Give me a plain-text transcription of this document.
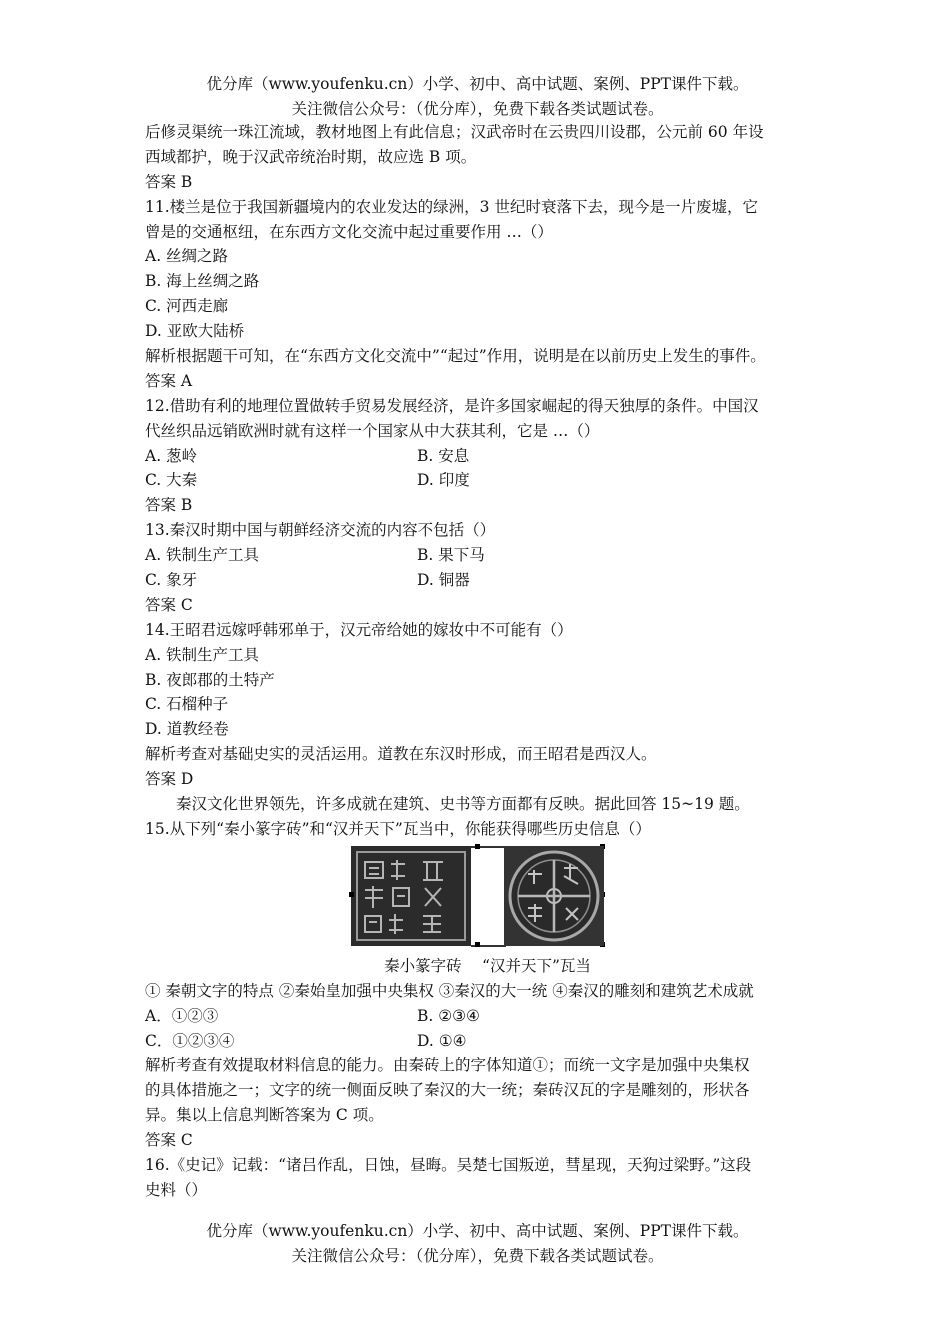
优分库（www.youfenku.cn）小学、初中、高中试题、案例、PPT课件下载。
关注微信公众号：（优分库），免费下载各类试题试卷。
后修灵渠统一珠江流域，教材地图上有此信息；汉武帝时在云贵四川设郡，公元前 60 年设
西域都护，晚于汉武帝统治时期，故应选 B 项。
答案 B
11.楼兰是位于我国新疆境内的农业发达的绿洲，3 世纪时衰落下去，现今是一片废墟，它
曾是的交通枢纽，在东西方文化交流中起过重要作用 …（）
A. 丝绸之路
B. 海上丝绸之路
C. 河西走廊
D. 亚欧大陆桥
解析根据题干可知，在“东西方文化交流中”“起过”作用，说明是在以前历史上发生的事件。
答案 A
12.借助有利的地理位置做转手贸易发展经济，是许多国家崛起的得天独厚的条件。中国汉
代丝织品远销欧洲时就有这样一个国家从中大获其利，它是 …（）
A. 葱岭	B. 安息
C. 大秦	D. 印度
答案 B
13.秦汉时期中国与朝鲜经济交流的内容不包括（）
A. 铁制生产工具	B. 果下马
C. 象牙	D. 铜器
答案 C
14.王昭君远嫁呼韩邪单于，汉元帝给她的嫁妆中不可能有（）
A. 铁制生产工具
B. 夜郎郡的土特产
C. 石榴种子
D. 道教经卷
解析考查对基础史实的灵活运用。道教在东汉时形成，而王昭君是西汉人。
答案 D
秦汉文化世界领先，许多成就在建筑、史书等方面都有反映。据此回答 15~19 题。
15.从下列“秦小篆字砖”和“汉并天下”瓦当中，你能获得哪些历史信息（）
秦小篆字砖　 “汉并天下”瓦当
① 秦朝文字的特点 ②秦始皇加强中央集权 ③秦汉的大一统 ④秦汉的雕刻和建筑艺术成就
A．①②③	B. ②③④
C．①②③④	D. ①④
解析考查有效提取材料信息的能力。由秦砖上的字体知道①；而统一文字是加强中央集权
的具体措施之一；文字的统一侧面反映了秦汉的大一统；秦砖汉瓦的字是雕刻的，形状各
异。集以上信息判断答案为 C 项。
答案 C
16.《史记》记载：“诸吕作乱，日蚀，昼晦。吴楚七国叛逆，彗星现，天狗过梁野。”这段
史料（）
优分库（www.youfenku.cn）小学、初中、高中试题、案例、PPT课件下载。
关注微信公众号：（优分库），免费下载各类试题试卷。
